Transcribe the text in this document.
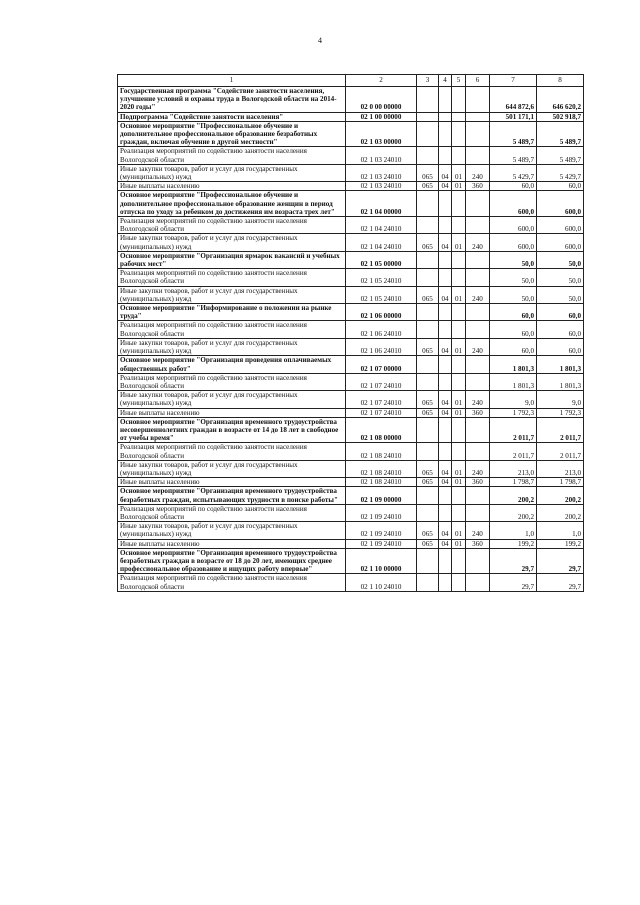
4
1	2	3	4	5	6	7	8
Государственная программа "Содействие занятости населения, улучшение условий и охраны труда в Вологодской области на 2014-2020 годы"	02 0 00 00000					644 872,6	646 620,2
Подпрограмма "Содействие занятости населения"	02 1 00 00000					501 171,1	502 918,7
Основное мероприятие "Профессиональное обучение и дополнительное профессиональное образование безработных граждан, включая обучение в другой местности"	02 1 03 00000					5 489,7	5 489,7
Реализация мероприятий по содействию занятости населения Вологодской области	02 1 03 24010					5 489,7	5 489,7
Иные закупки товаров, работ и услуг для государственных (муниципальных) нужд	02 1 03 24010	065	04	01	240	5 429,7	5 429,7
Иные выплаты населению	02 1 03 24010	065	04	01	360	60,0	60,0
Основное мероприятие "Профессиональное обучение и дополнительное профессиональное образование женщин в период отпуска по уходу за ребенком до достижения им возраста трех лет"	02 1 04 00000					600,0	600,0
Реализация мероприятий по содействию занятости населения Вологодской области	02 1 04 24010					600,0	600,0
Иные закупки товаров, работ и услуг для государственных (муниципальных) нужд	02 1 04 24010	065	04	01	240	600,0	600,0
Основное мероприятие "Организация ярмарок вакансий и учебных рабочих мест"	02 1 05 00000					50,0	50,0
Реализация мероприятий по содействию занятости населения Вологодской области	02 1 05 24010					50,0	50,0
Иные закупки товаров, работ и услуг для государственных (муниципальных) нужд	02 1 05 24010	065	04	01	240	50,0	50,0
Основное мероприятие "Информирование о положении на рынке труда"	02 1 06 00000					60,0	60,0
Реализация мероприятий по содействию занятости населения Вологодской области	02 1 06 24010					60,0	60,0
Иные закупки товаров, работ и услуг для государственных (муниципальных) нужд	02 1 06 24010	065	04	01	240	60,0	60,0
Основное мероприятие "Организация проведения оплачиваемых общественных работ"	02 1 07 00000					1 801,3	1 801,3
Реализация мероприятий по содействию занятости населения Вологодской области	02 1 07 24010					1 801,3	1 801,3
Иные закупки товаров, работ и услуг для государственных (муниципальных) нужд	02 1 07 24010	065	04	01	240	9,0	9,0
Иные выплаты населению	02 1 07 24010	065	04	01	360	1 792,3	1 792,3
Основное мероприятие "Организация временного трудоустройства несовершеннолетних граждан в возрасте от 14 до 18 лет в свободное от учебы время"	02 1 08 00000					2 011,7	2 011,7
Реализация мероприятий по содействию занятости населения Вологодской области	02 1 08 24010					2 011,7	2 011,7
Иные закупки товаров, работ и услуг для государственных (муниципальных) нужд	02 1 08 24010	065	04	01	240	213,0	213,0
Иные выплаты населению	02 1 08 24010	065	04	01	360	1 798,7	1 798,7
Основное мероприятие "Организация временного трудоустройства безработных граждан, испытывающих трудности в поиске работы"	02 1 09 00000					200,2	200,2
Реализация мероприятий по содействию занятости населения Вологодской области	02 1 09 24010					200,2	200,2
Иные закупки товаров, работ и услуг для государственных (муниципальных) нужд	02 1 09 24010	065	04	01	240	1,0	1,0
Иные выплаты населению	02 1 09 24010	065	04	01	360	199,2	199,2
Основное мероприятие "Организация временного трудоустройства безработных граждан в возрасте от 18 до 20 лет, имеющих среднее профессиональное образование и ищущих работу впервые"	02 1 10 00000					29,7	29,7
Реализация мероприятий по содействию занятости населения Вологодской области	02 1 10 24010					29,7	29,7
